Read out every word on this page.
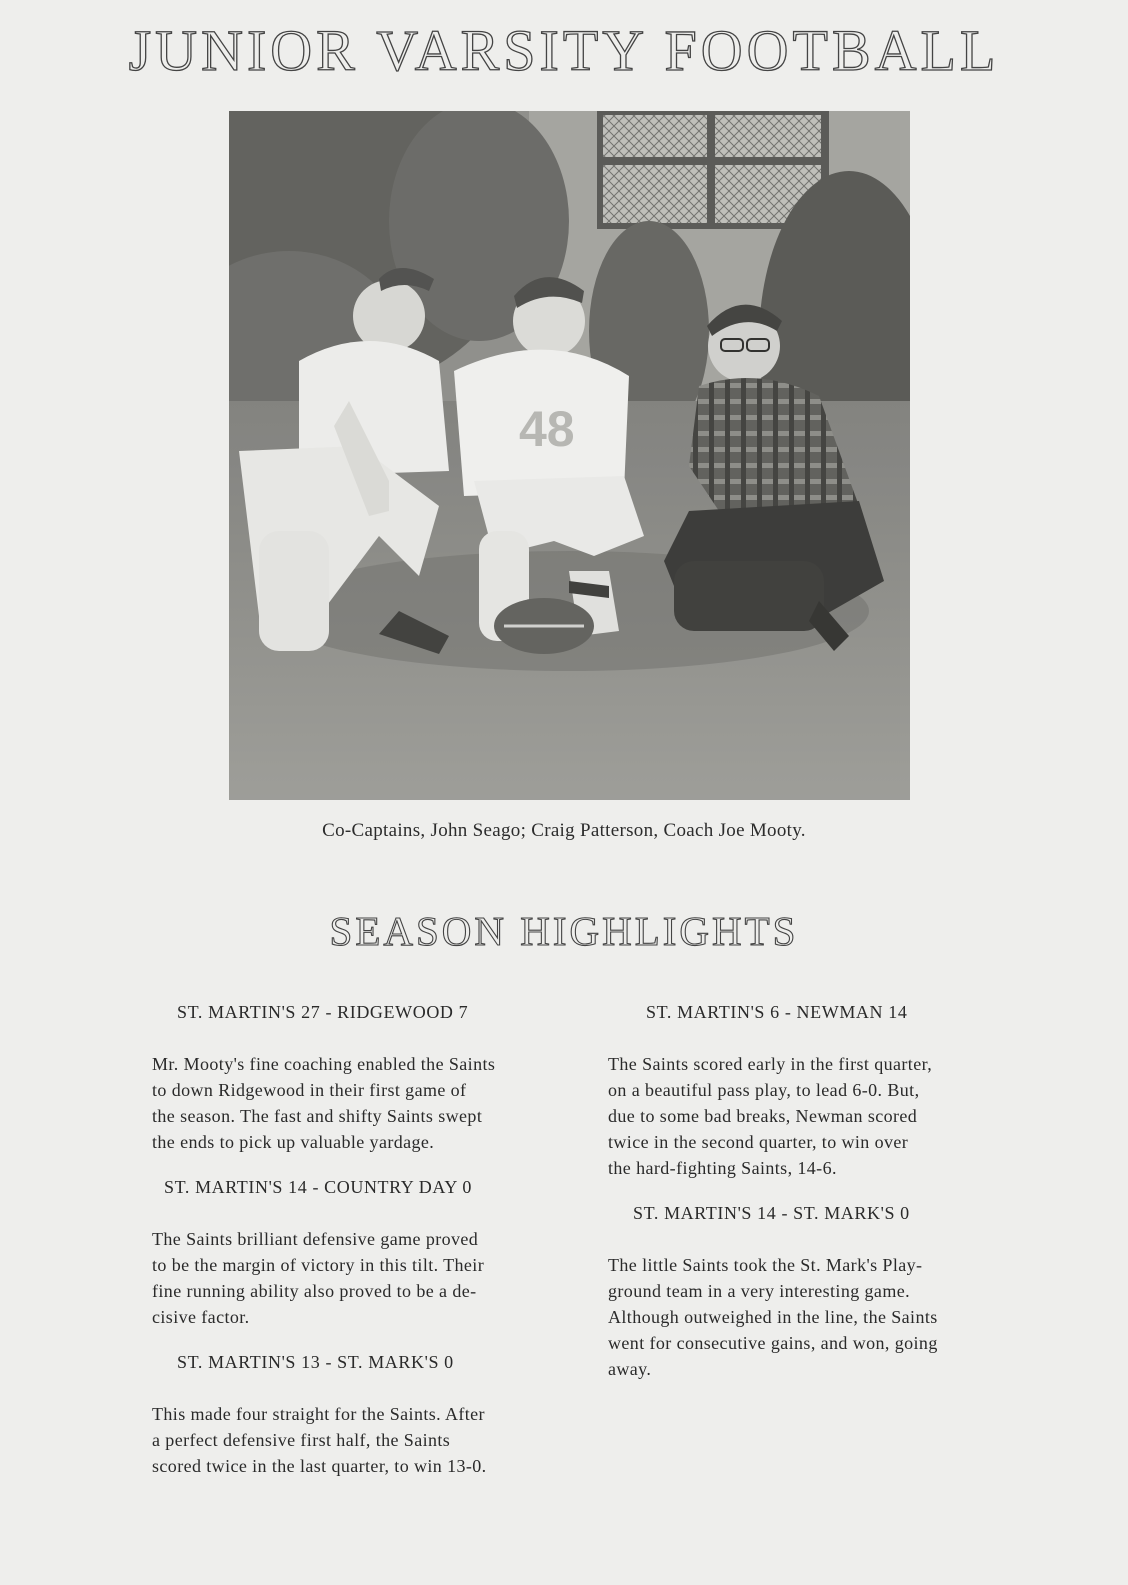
JUNIOR VARSITY FOOTBALL
48
Co-Captains, John Seago; Craig Patterson, Coach Joe Mooty.
SEASON HIGHLIGHTS

ST. MARTIN'S 27 - RIDGEWOOD 7

Mr. Mooty's fine coaching enabled the Saints

to down Ridgewood in their first game of

the season. The fast and shifty Saints swept

the ends to pick up valuable yardage.

ST. MARTIN'S 14 - COUNTRY DAY 0

The Saints brilliant defensive game proved

to be the margin of victory in this tilt. Their

fine running ability also proved to be a de-

cisive factor.

ST. MARTIN'S 13 - ST. MARK'S 0

This made four straight for the Saints. After

a perfect defensive first half, the Saints

scored twice in the last quarter, to win 13-0.

ST. MARTIN'S 6 - NEWMAN 14

The Saints scored early in the first quarter,

on a beautiful pass play, to lead 6-0. But,

due to some bad breaks, Newman scored

twice in the second quarter, to win over

the hard-fighting Saints, 14-6.

ST. MARTIN'S 14 - ST. MARK'S 0

The little Saints took the St. Mark's Play-

ground team in a very interesting game.

Although outweighed in the line, the Saints

went for consecutive gains, and won, going

away.
